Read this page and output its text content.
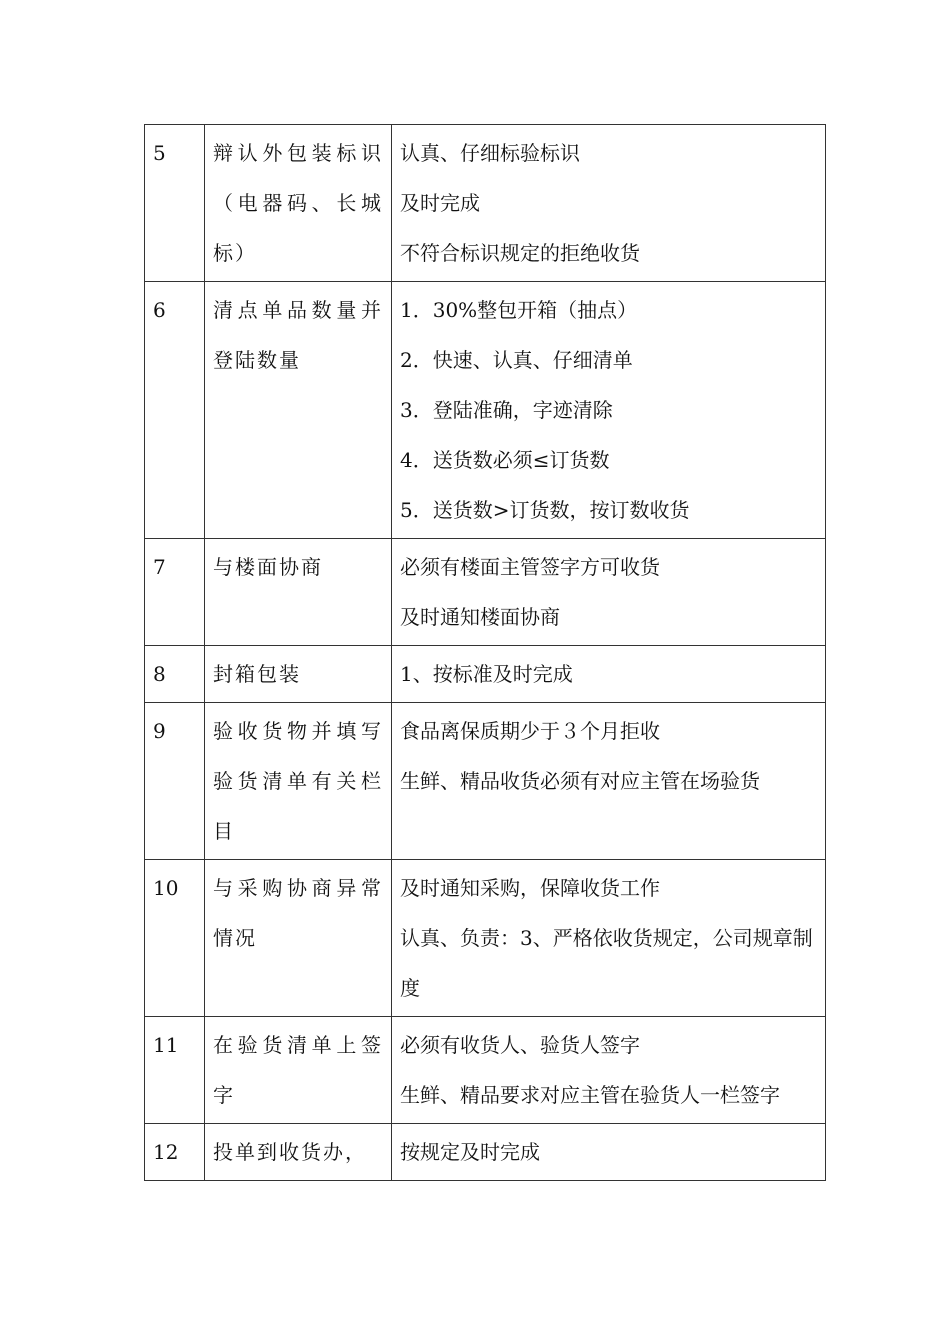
5	辩认外包装标识（电器码、长城标）	认真、仔细标验标识
及时完成
不符合标识规定的拒绝收货

6	清点单品数量并登陆数量	1．30%整包开箱（抽点）
2．快速、认真、仔细清单
3．登陆准确，字迹清除
4．送货数必须≤订货数
5．送货数>订货数，按订数收货

7	与楼面协商	必须有楼面主管签字方可收货
及时通知楼面协商

8	封箱包装	1、按标准及时完成

9	验收货物并填写验货清单有关栏目	食品离保质期少于３个月拒收
生鲜、精品收货必须有对应主管在场验货

10	与采购协商异常情况	及时通知采购，保障收货工作
认真、负责：3、严格依收货规定，公司规章制度

11	在验货清单上签字	必须有收货人、验货人签字
生鲜、精品要求对应主管在验货人一栏签字

12	投单到收货办，	按规定及时完成
